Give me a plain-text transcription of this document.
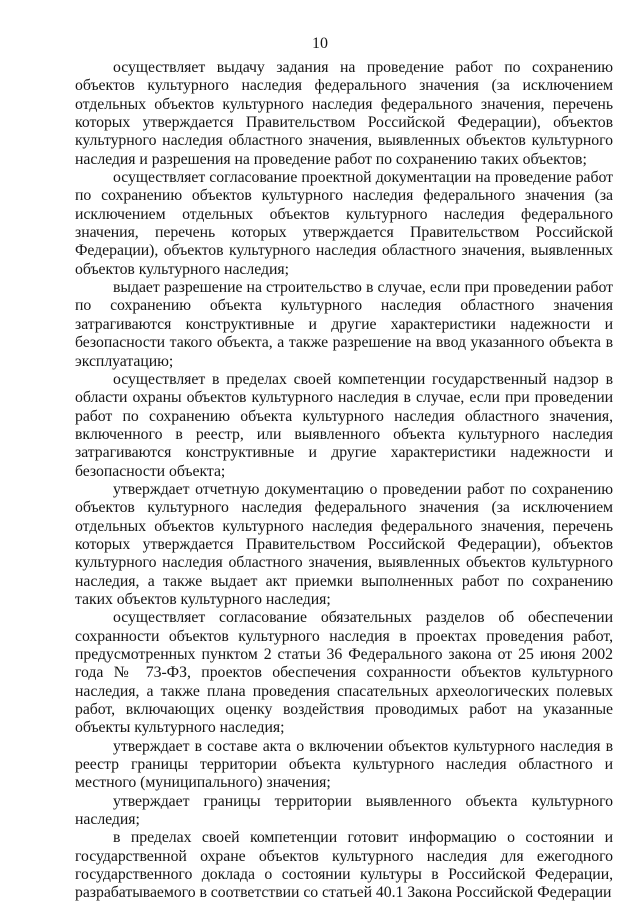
10

осуществляет выдачу задания на проведение работ по сохранению объектов культурного наследия федерального значения (за исключением отдельных объектов культурного наследия федерального значения, перечень которых утверждается Правительством Российской Федерации), объектов культурного наследия областного значения, выявленных объектов культурного наследия и разрешения на проведение работ по сохранению таких объектов;

осуществляет согласование проектной документации на проведение работ по сохранению объектов культурного наследия федерального значения (за исключением отдельных объектов культурного наследия федерального значения, перечень которых утверждается Правительством Российской Федерации), объектов культурного наследия областного значения, выявленных объектов культурного наследия;

выдает разрешение на строительство в случае, если при проведении работ по сохранению объекта культурного наследия областного значения затрагиваются конструктивные и другие характеристики надежности и безопасности такого объекта, а также разрешение на ввод указанного объекта в эксплуатацию;

осуществляет в пределах своей компетенции государственный надзор в области охраны объектов культурного наследия в случае, если при проведении работ по сохранению объекта культурного наследия областного значения, включенного в реестр, или выявленного объекта культурного наследия затрагиваются конструктивные и другие характеристики надежности и безопасности объекта;

утверждает отчетную документацию о проведении работ по сохранению объектов культурного наследия федерального значения (за исключением отдельных объектов культурного наследия федерального значения, перечень которых утверждается Правительством Российской Федерации), объектов культурного наследия областного значения, выявленных объектов культурного наследия, а также выдает акт приемки выполненных работ по сохранению таких объектов культурного наследия;

осуществляет согласование обязательных разделов об обеспечении сохранности объектов культурного наследия в проектах проведения работ, предусмотренных пунктом 2 статьи 36 Федерального закона от 25 июня 2002 года № 73-ФЗ, проектов обеспечения сохранности объектов культурного наследия, а также плана проведения спасательных археологических полевых работ, включающих оценку воздействия проводимых работ на указанные объекты культурного наследия;

утверждает в составе акта о включении объектов культурного наследия в реестр границы территории объекта культурного наследия областного и местного (муниципального) значения;

утверждает границы территории выявленного объекта культурного наследия;

в пределах своей компетенции готовит информацию о состоянии и государственной охране объектов культурного наследия для ежегодного государственного доклада о состоянии культуры в Российской Федерации, разрабатываемого в соответствии со статьей 40.1 Закона Российской Федерации
